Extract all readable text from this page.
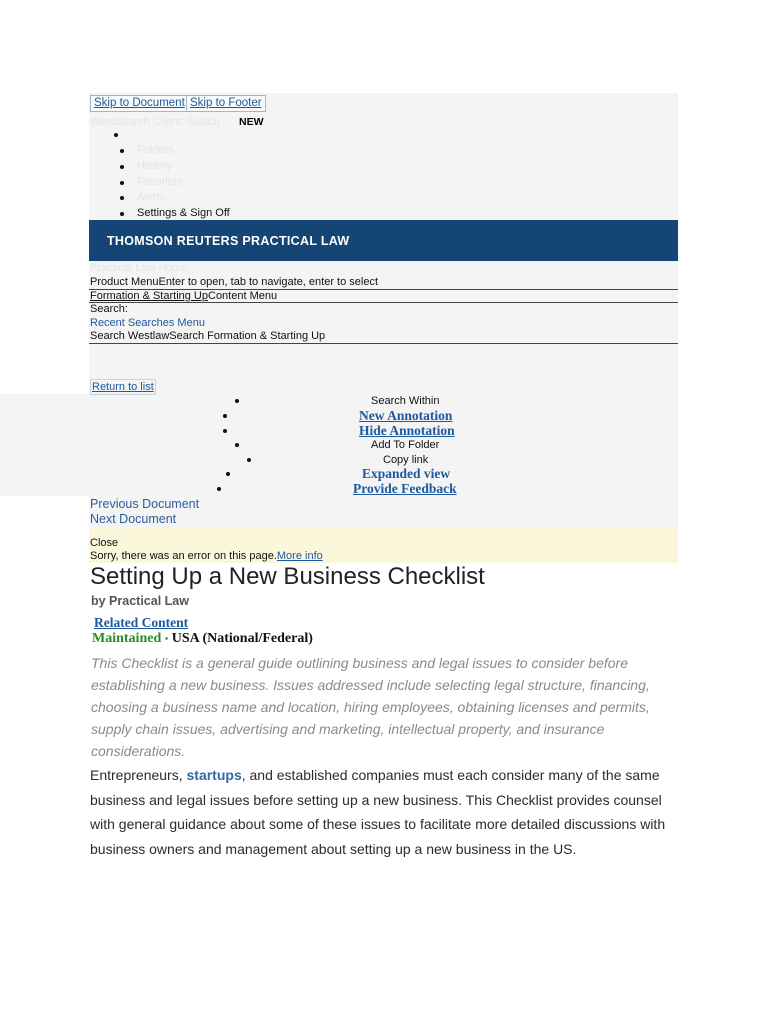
Skip to Document Skip to Footer
WestSearch Client: Switch NEW
Folders
History
Favorites
Alerts
Settings & Sign Off
THOMSON REUTERS PRACTICAL LAW
Practical Law Home
Product MenuEnter to open, tab to navigate, enter to select
Formation & Starting UpContent Menu
Search:
Recent Searches Menu
Search WestlawSearch Formation & Starting Up
Return to list
Search Within
New Annotation
Hide Annotation
Add To Folder
Copy link
Expanded view
Provide Feedback
Previous Document
Next Document
Close
Sorry, there was an error on this page.More info
Setting Up a New Business Checklist
by Practical Law
Related Content
Maintained • USA (National/Federal)
This Checklist is a general guide outlining business and legal issues to consider before establishing a new business. Issues addressed include selecting legal structure, financing, choosing a business name and location, hiring employees, obtaining licenses and permits, supply chain issues, advertising and marketing, intellectual property, and insurance considerations.
Entrepreneurs, startups, and established companies must each consider many of the same business and legal issues before setting up a new business. This Checklist provides counsel with general guidance about some of these issues to facilitate more detailed discussions with business owners and management about setting up a new business in the US.
